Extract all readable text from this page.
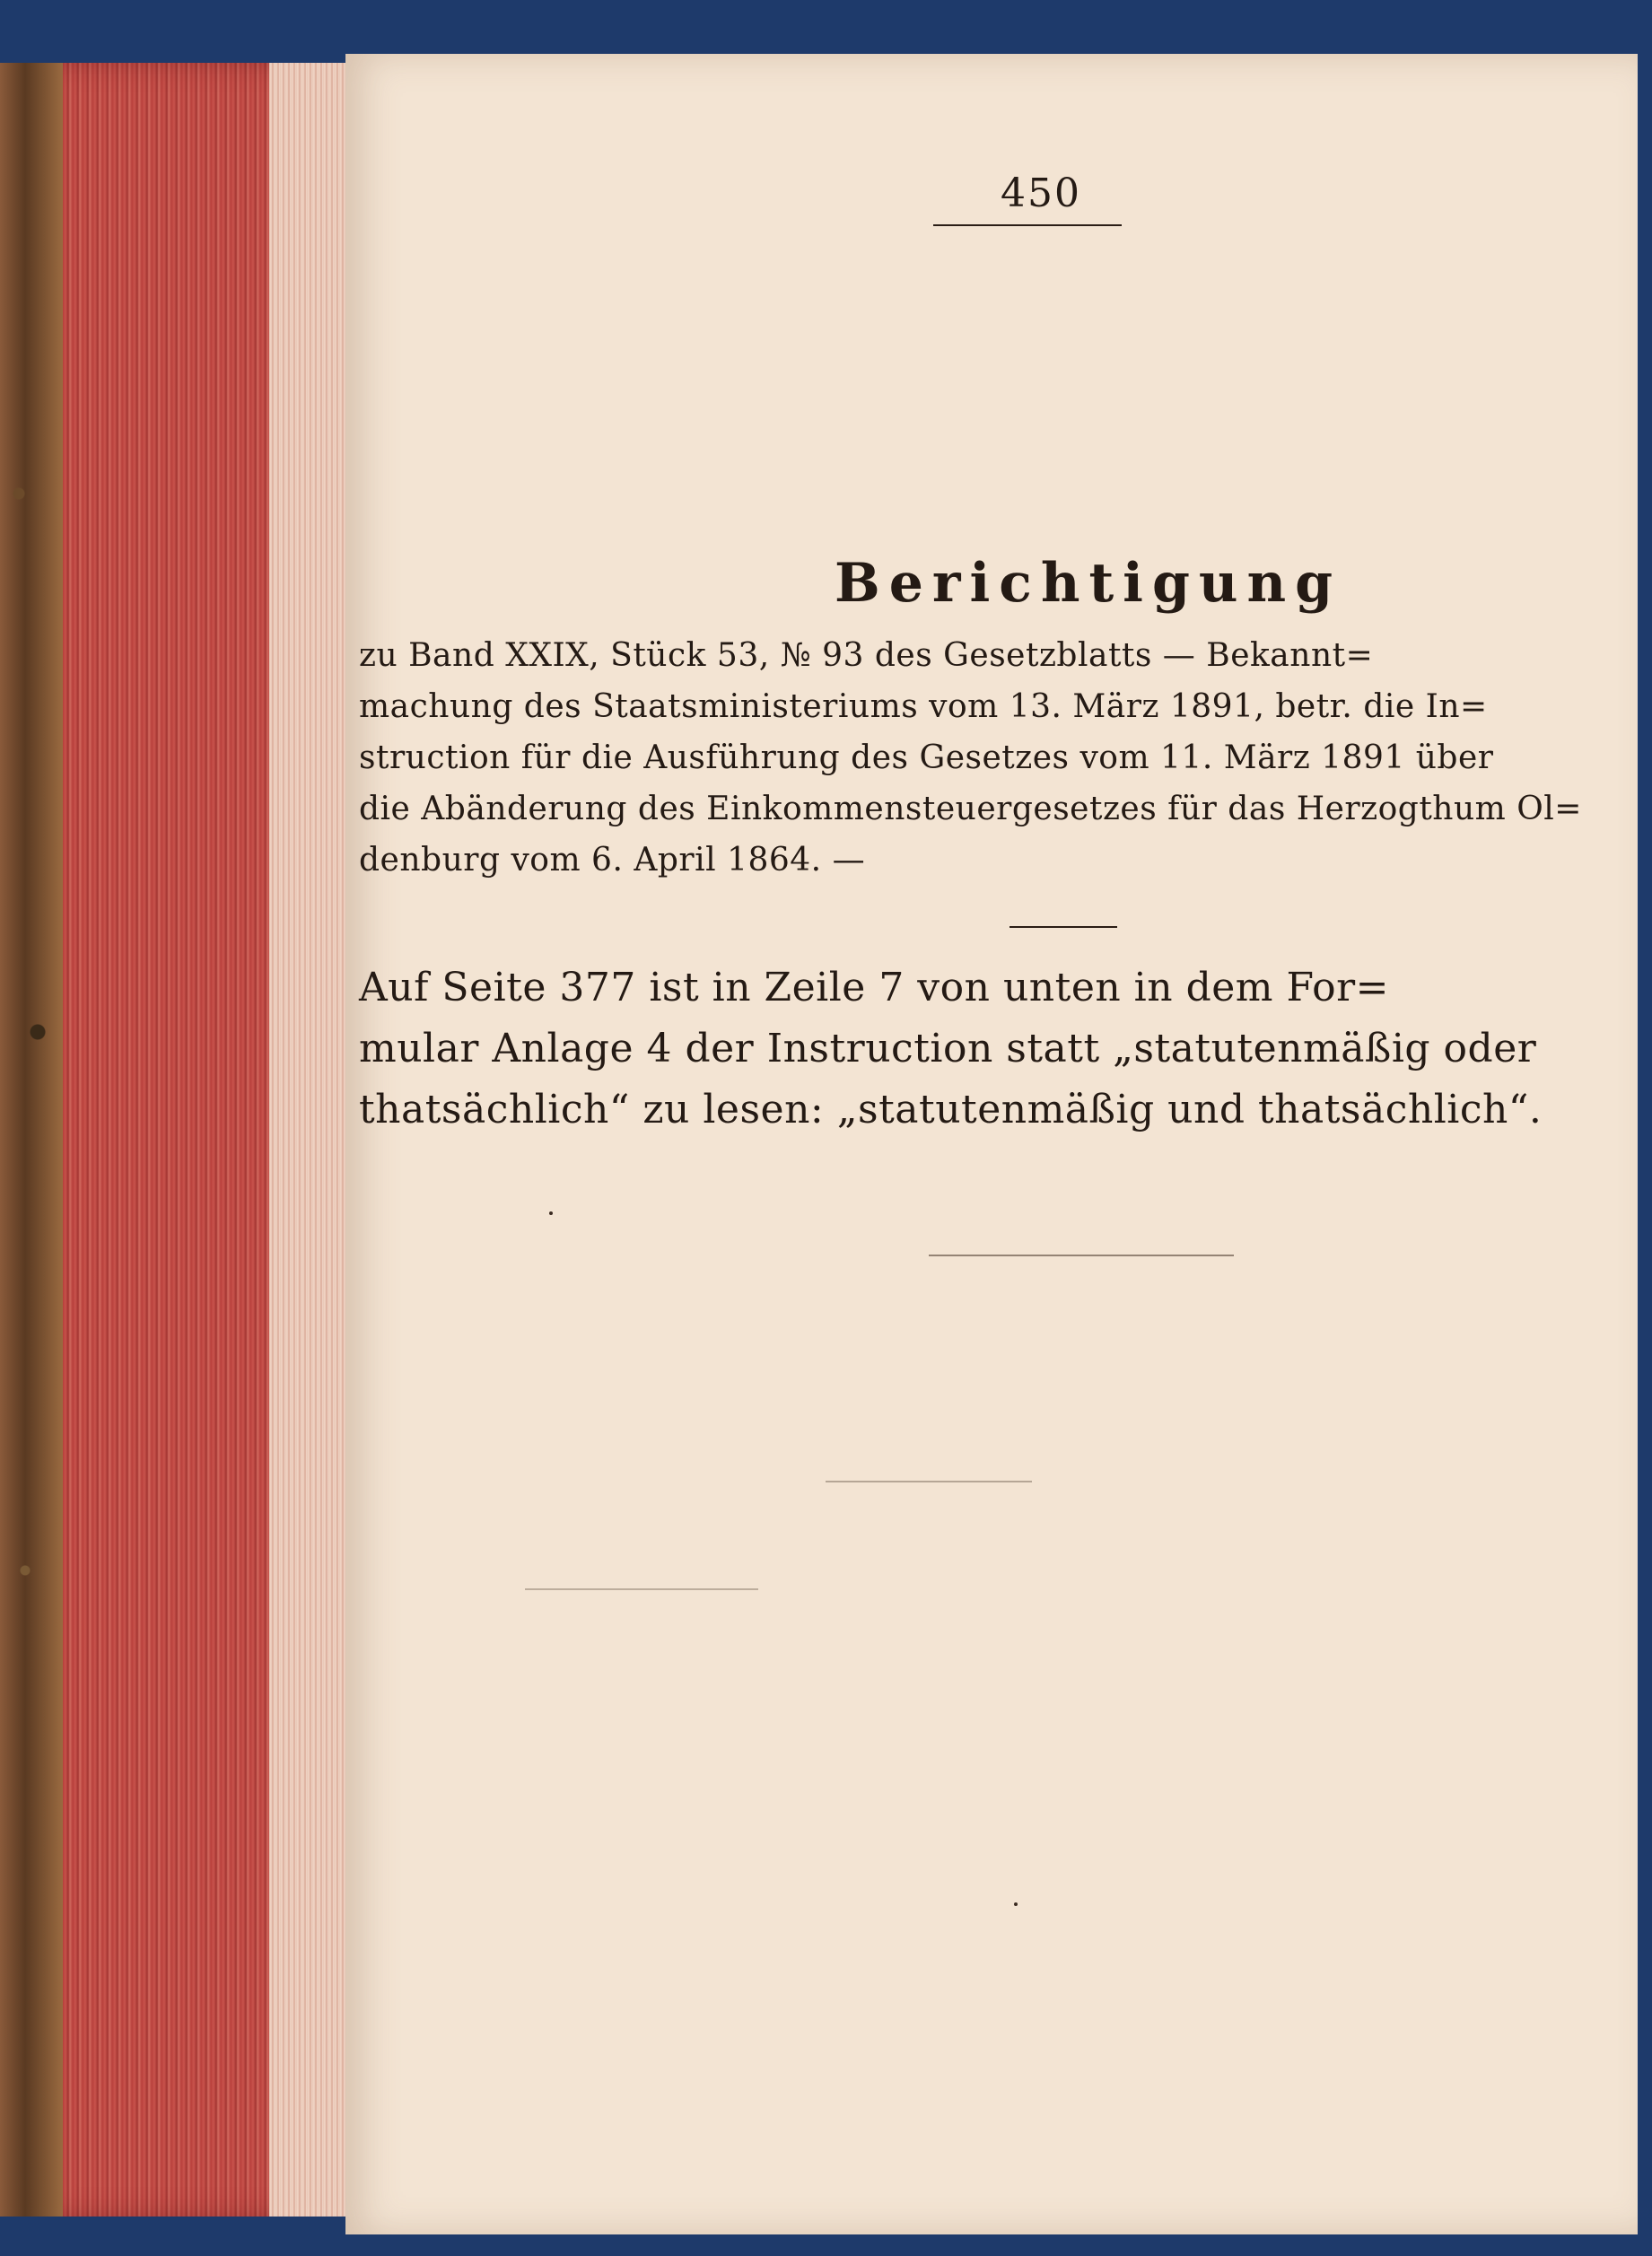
450
Berichtigung
zu Band XXIX, Stück 53, № 93 des Gesetzblatts — Bekannt=
machung des Staatsministeriums vom 13. März 1891, betr. die In=
struction für die Ausführung des Gesetzes vom 11. März 1891 über
die Abänderung des Einkommensteuergesetzes für das Herzogthum Ol=
denburg vom 6. April 1864. —
Auf Seite 377 ist in Zeile 7 von unten in dem For=
mular Anlage 4 der Instruction statt „statutenmäßig oder
thatsächlich“ zu lesen: „statutenmäßig und thatsächlich“.
